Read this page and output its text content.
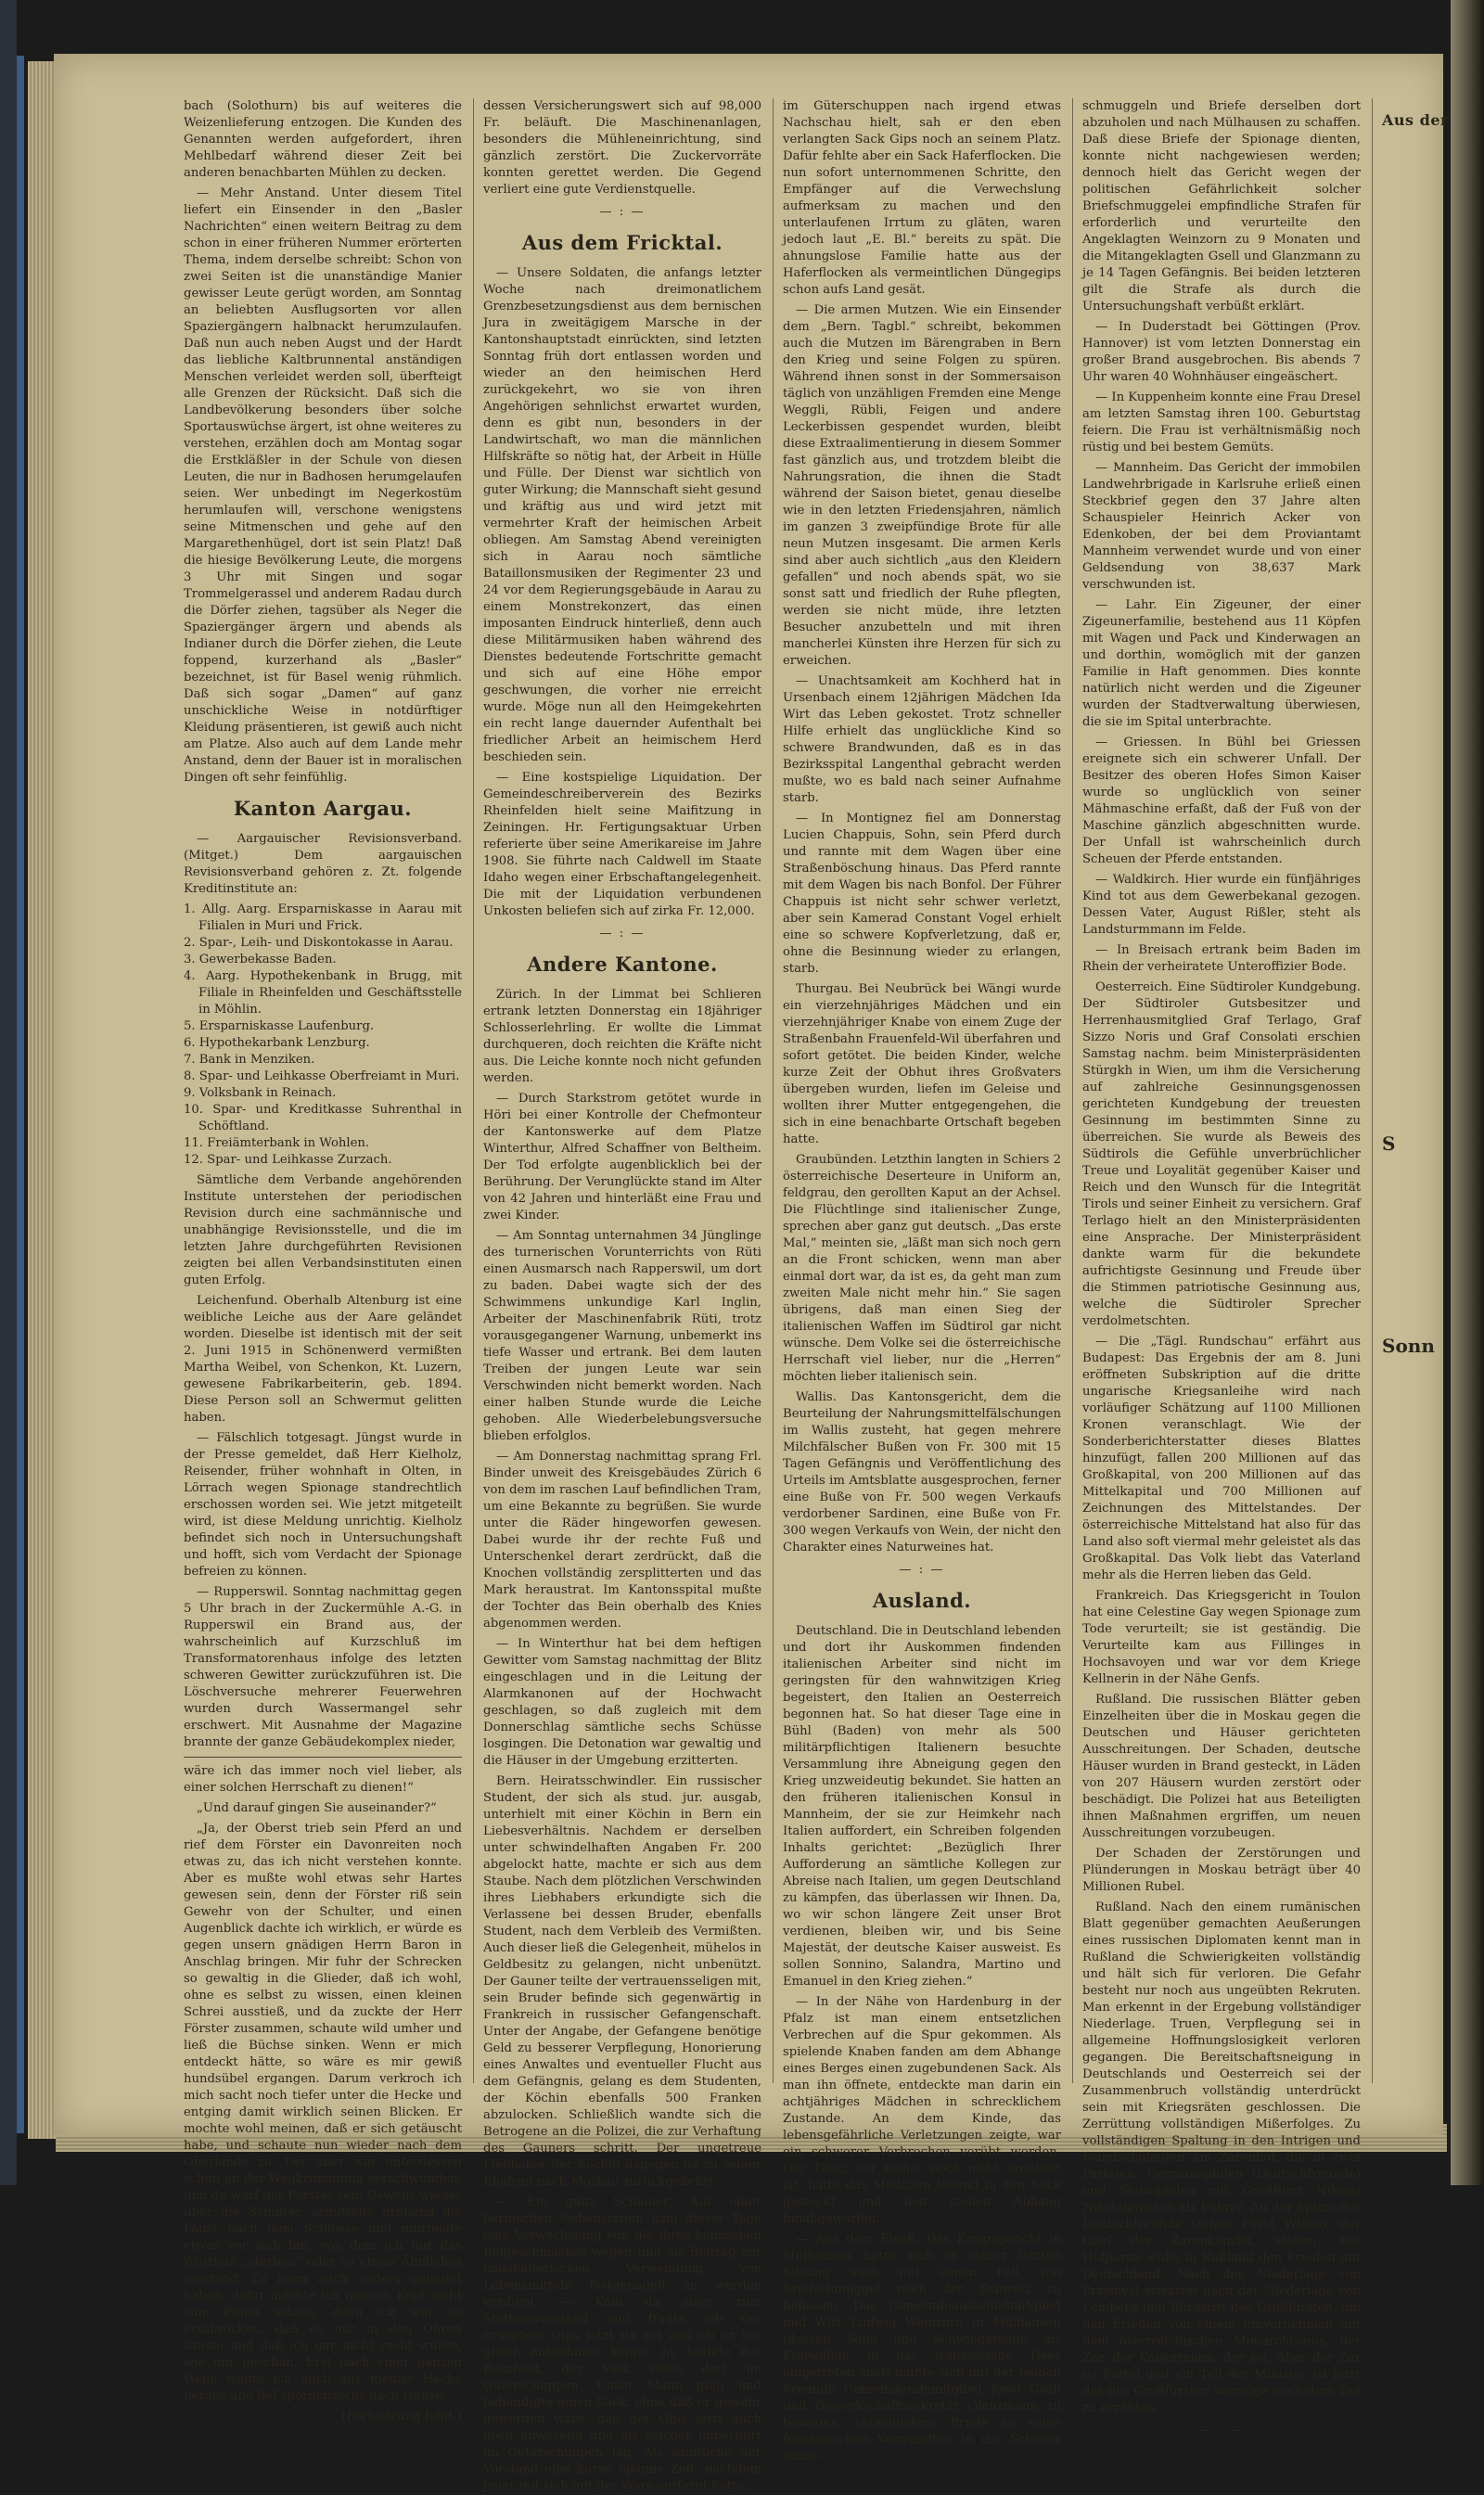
bach (Solothurn) bis auf weiteres die Weizenlieferung entzogen. Die Kunden des Genannten werden aufgefordert, ihren Mehlbedarf während dieser Zeit bei anderen benachbarten Mühlen zu decken.

— Mehr Anstand. Unter diesem Titel liefert ein Einsender in den „Basler Nachrichten“ einen weitern Beitrag zu dem schon in einer früheren Nummer erörterten Thema, indem derselbe schreibt: Schon von zwei Seiten ist die unanständige Manier gewisser Leute gerügt worden, am Sonntag an beliebten Ausflugsorten vor allen Spaziergängern halbnackt herumzulaufen. Daß nun auch neben Augst und der Hardt das liebliche Kaltbrunnental anständigen Menschen verleidet werden soll, überfteigt alle Grenzen der Rücksicht. Daß sich die Landbevölkerung besonders über solche Sportauswüchse ärgert, ist ohne weiteres zu verstehen, erzählen doch am Montag sogar die Erstkläßler in der Schule von diesen Leuten, die nur in Badhosen herumgelaufen seien. Wer unbedingt im Negerkostüm herumlaufen will, verschone wenigstens seine Mitmenschen und gehe auf den Margarethenhügel, dort ist sein Platz! Daß die hiesige Bevölkerung Leute, die morgens 3 Uhr mit Singen und sogar Trommelgerassel und anderem Radau durch die Dörfer ziehen, tagsüber als Neger die Spaziergänger ärgern und abends als Indianer durch die Dörfer ziehen, die Leute foppend, kurzerhand als „Basler“ bezeichnet, ist für Basel wenig rühmlich. Daß sich sogar „Damen“ auf ganz unschickliche Weise in notdürftiger Kleidung präsentieren, ist gewiß auch nicht am Platze. Also auch auf dem Lande mehr Anstand, denn der Bauer ist in moralischen Dingen oft sehr feinfühlig.

Kanton Aargau.

— Aargauischer Revisionsverband. (Mitget.) Dem aargauischen Revisionsverband gehören z. Zt. folgende Kreditinstitute an:

1. Allg. Aarg. Ersparniskasse in Aarau mit Filialen in Muri und Frick.
2. Spar-, Leih- und Diskontokasse in Aarau.
3. Gewerbekasse Baden.
4. Aarg. Hypothekenbank in Brugg, mit Filiale in Rheinfelden und Geschäftsstelle in Möhlin.
5. Ersparniskasse Laufenburg.
6. Hypothekarbank Lenzburg.
7. Bank in Menziken.
8. Spar- und Leihkasse Oberfreiamt in Muri.
9. Volksbank in Reinach.
10. Spar- und Kreditkasse Suhrenthal in Schöftland.
11. Freiämterbank in Wohlen.
12. Spar- und Leihkasse Zurzach.

Sämtliche dem Verbande angehörenden Institute unterstehen der periodischen Revision durch eine sachmännische und unabhängige Revisionsstelle, und die im letzten Jahre durchgeführten Revisionen zeigten bei allen Verbandsinstituten einen guten Erfolg.

Leichenfund. Oberhalb Altenburg ist eine weibliche Leiche aus der Aare geländet worden. Dieselbe ist identisch mit der seit 2. Juni 1915 in Schönenwerd vermißten Martha Weibel, von Schenkon, Kt. Luzern, gewesene Fabrikarbeiterin, geb. 1894. Diese Person soll an Schwermut gelitten haben.

— Fälschlich totgesagt. Jüngst wurde in der Presse gemeldet, daß Herr Kielholz, Reisender, früher wohnhaft in Olten, in Lörrach wegen Spionage standrechtlich erschossen worden sei. Wie jetzt mitgeteilt wird, ist diese Meldung unrichtig. Kielholz befindet sich noch in Untersuchungshaft und hofft, sich vom Verdacht der Spionage befreien zu können.

— Rupperswil. Sonntag nachmittag gegen 5 Uhr brach in der Zuckermühle A.-G. in Rupperswil ein Brand aus, der wahrscheinlich auf Kurzschluß im Transformatorenhaus infolge des letzten schweren Gewitter zurückzuführen ist. Die Löschversuche mehrerer Feuerwehren wurden durch Wassermangel sehr erschwert. Mit Ausnahme der Magazine brannte der ganze Gebäudekomplex nieder,

wäre ich das immer noch viel lieber, als einer solchen Herrschaft zu dienen!“

„Und darauf gingen Sie auseinander?“

„Ja, der Oberst trieb sein Pferd an und rief dem Förster ein Davonreiten noch etwas zu, das ich nicht verstehen konnte. Aber es mußte wohl etwas sehr Hartes gewesen sein, denn der Förster riß sein Gewehr von der Schulter, und einen Augenblick dachte ich wirklich, er würde es gegen unsern gnädigen Herrn Baron in Anschlag bringen. Mir fuhr der Schrecken so gewaltig in die Glieder, daß ich wohl, ohne es selbst zu wissen, einen kleinen Schrei ausstieß, und da zuckte der Herr Förster zusammen, schaute wild umher und ließ die Büchse sinken. Wenn er mich entdeckt hätte, so wäre es mir gewiß hundsübel ergangen. Darum verkroch ich mich sacht noch tiefer unter die Hecke und entging damit wirklich seinen Blicken. Er mochte wohl meinen, daß er sich getäuscht habe, und schaute nun wieder nach dem Oberlande zu. Der aber war unterdessen schon an der Wegkrümmung verschwunden, und da warf der Förster sein Gewehr wieder über die Schulter, schüttelte drohend die Faust nach dem Schlosse und murmelte etwas vor sich hin, von dem ich nur das Wörtlein „sterben“ oder so etwas Ähnliches verstand. Es kann auch anders gelautet haben, dafür möchte ich meinen Kopf nicht zum Pfand setzen, denn ich war so erschrocken, daß es mir in den Ohren sauste und daß ich gar nicht recht wußte, wie mir geschah. Erst nach einer ganzen Weile wagte ich mich aus meiner Hecke heraus und lief spornstreichs nach Hause.“

(Fortsetzung folgt.)

dessen Versicherungswert sich auf 98,000 Fr. beläuft. Die Maschinenanlagen, besonders die Mühleneinrichtung, sind gänzlich zerstört. Die Zuckervorräte konnten gerettet werden. Die Gegend verliert eine gute Verdienstquelle.

— : —
Aus dem Fricktal.

— Unsere Soldaten, die anfangs letzter Woche nach dreimonatlichem Grenzbesetzungsdienst aus dem bernischen Jura in zweitägigem Marsche in der Kantonshauptstadt einrückten, sind letzten Sonntag früh dort entlassen worden und wieder an den heimischen Herd zurückgekehrt, wo sie von ihren Angehörigen sehnlichst erwartet wurden, denn es gibt nun, besonders in der Landwirtschaft, wo man die männlichen Hilfskräfte so nötig hat, der Arbeit in Hülle und Fülle. Der Dienst war sichtlich von guter Wirkung; die Mannschaft sieht gesund und kräftig aus und wird jetzt mit vermehrter Kraft der heimischen Arbeit obliegen. Am Samstag Abend vereinigten sich in Aarau noch sämtliche Bataillonsmusiken der Regimenter 23 und 24 vor dem Regierungsgebäude in Aarau zu einem Monstrekonzert, das einen imposanten Eindruck hinterließ, denn auch diese Militärmusiken haben während des Dienstes bedeutende Fortschritte gemacht und sich auf eine Höhe empor geschwungen, die vorher nie erreicht wurde. Möge nun all den Heimgekehrten ein recht lange dauernder Aufenthalt bei friedlicher Arbeit an heimischem Herd beschieden sein.

— Eine kostspielige Liquidation. Der Gemeindeschreiberverein des Bezirks Rheinfelden hielt seine Maifitzung in Zeiningen. Hr. Fertigungsaktuar Urben referierte über seine Amerikareise im Jahre 1908. Sie führte nach Caldwell im Staate Idaho wegen einer Erbschaftangelegenheit. Die mit der Liquidation verbundenen Unkosten beliefen sich auf zirka Fr. 12,000.

— : —
Andere Kantone.

Zürich. In der Limmat bei Schlieren ertrank letzten Donnerstag ein 18jähriger Schlosserlehrling. Er wollte die Limmat durchqueren, doch reichten die Kräfte nicht aus. Die Leiche konnte noch nicht gefunden werden.

— Durch Starkstrom getötet wurde in Höri bei einer Kontrolle der Chefmonteur der Kantonswerke auf dem Platze Winterthur, Alfred Schaffner von Beltheim. Der Tod erfolgte augenblicklich bei der Berührung. Der Verunglückte stand im Alter von 42 Jahren und hinterläßt eine Frau und zwei Kinder.

— Am Sonntag unternahmen 34 Jünglinge des turnerischen Vorunterrichts von Rüti einen Ausmarsch nach Rapperswil, um dort zu baden. Dabei wagte sich der des Schwimmens unkundige Karl Inglin, Arbeiter der Maschinenfabrik Rüti, trotz vorausgegangener Warnung, unbemerkt ins tiefe Wasser und ertrank. Bei dem lauten Treiben der jungen Leute war sein Verschwinden nicht bemerkt worden. Nach einer halben Stunde wurde die Leiche gehoben. Alle Wiederbelebungsversuche blieben erfolglos.

— Am Donnerstag nachmittag sprang Frl. Binder unweit des Kreisgebäudes Zürich 6 von dem im raschen Lauf befindlichen Tram, um eine Bekannte zu begrüßen. Sie wurde unter die Räder hingeworfen gewesen. Dabei wurde ihr der rechte Fuß und Unterschenkel derart zerdrückt, daß die Knochen vollständig zersplitterten und das Mark heraustrat. Im Kantonsspital mußte der Tochter das Bein oberhalb des Knies abgenommen werden.

— In Winterthur hat bei dem heftigen Gewitter vom Samstag nachmittag der Blitz eingeschlagen und in die Leitung der Alarmkanonen auf der Hochwacht geschlagen, so daß zugleich mit dem Donnerschlag sämtliche sechs Schüsse losgingen. Die Detonation war gewaltig und die Häuser in der Umgebung erzitterten.

Bern. Heiratsschwindler. Ein russischer Student, der sich als stud. jur. ausgab, unterhielt mit einer Köchin in Bern ein Liebesverhältnis. Nachdem er derselben unter schwindelhaften Angaben Fr. 200 abgelockt hatte, machte er sich aus dem Staube. Nach dem plötzlichen Verschwinden ihres Liebhabers erkundigte sich die Verlassene bei dessen Bruder, ebenfalls Student, nach dem Verbleib des Vermißten. Auch dieser ließ die Gelegenheit, mühelos in Geldbesitz zu gelangen, nicht unbenützt. Der Gauner teilte der vertrauensseligen mit, sein Bruder befinde sich gegenwärtig in Frankreich in russischer Gefangenschaft. Unter der Angabe, der Gefangene benötige Geld zu besserer Verpflegung, Honorierung eines Anwaltes und eventueller Flucht aus dem Gefängnis, gelang es dem Studenten, der Köchin ebenfalls 500 Franken abzulocken. Schließlich wandte sich die Betrogene an die Polizei, die zur Verhaftung des Gauners schritt. Der ungetreue Liebhaber der Köchin dagegen ist zu seiner Ehefrau nach Moskau zurückgekehrt.

— Ein ganz Schlauer. Auf einer bernischen Nebenstation kam dieser Tage eine Verwechslung vor, die ihres komischen Beigeschmackes wegen und als Beitrag zur haushälterischen Verwendung von Lebensmitteln festgenagelt zu werden verdient. — Kam da einer zum Stationsvorstand und fragte, ob der erwartete Gips jetzt da sei und ob er ihn gleich mitnehmen könne. Ja, lautete der Bescheid, der Sack stehe dort im Güterschuppen. Unser Mann ging und behändigte einen Sack, ohne daß er gewahr geworden wäre, daß der Gips jetzt auch noch anwesend und als solcher unberührt im Güterschuppen lag. Als sämtliche der Vorstand eine kurze Spanne Zeit, nachdem jener mit sich mit der Ware entfernt hatte.

im Güterschuppen nach irgend etwas Nachschau hielt, sah er den eben verlangten Sack Gips noch an seinem Platz. Dafür fehlte aber ein Sack Haferflocken. Die nun sofort unternommenen Schritte, den Empfänger auf die Verwechslung aufmerksam zu machen und den unterlaufenen Irrtum zu gläten, waren jedoch laut „E. Bl.“ bereits zu spät. Die ahnungslose Familie hatte aus der Haferflocken als vermeintlichen Düngegips schon aufs Land gesät.

— Die armen Mutzen. Wie ein Einsender dem „Bern. Tagbl.“ schreibt, bekommen auch die Mutzen im Bärengraben in Bern den Krieg und seine Folgen zu spüren. Während ihnen sonst in der Sommersaison täglich von unzähligen Fremden eine Menge Weggli, Rübli, Feigen und andere Leckerbissen gespendet wurden, bleibt diese Extraalimentierung in diesem Sommer fast gänzlich aus, und trotzdem bleibt die Nahrungsration, die ihnen die Stadt während der Saison bietet, genau dieselbe wie in den letzten Friedensjahren, nämlich im ganzen 3 zweipfündige Brote für alle neun Mutzen insgesamt. Die armen Kerls sind aber auch sichtlich „aus den Kleidern gefallen“ und noch abends spät, wo sie sonst satt und friedlich der Ruhe pflegten, werden sie nicht müde, ihre letzten Besucher anzubetteln und mit ihren mancherlei Künsten ihre Herzen für sich zu erweichen.

— Unachtsamkeit am Kochherd hat in Ursenbach einem 12jährigen Mädchen Ida Wirt das Leben gekostet. Trotz schneller Hilfe erhielt das unglückliche Kind so schwere Brandwunden, daß es in das Bezirksspital Langenthal gebracht werden mußte, wo es bald nach seiner Aufnahme starb.

— In Montignez fiel am Donnerstag Lucien Chappuis, Sohn, sein Pferd durch und rannte mit dem Wagen über eine Straßenböschung hinaus. Das Pferd rannte mit dem Wagen bis nach Bonfol. Der Führer Chappuis ist nicht sehr schwer verletzt, aber sein Kamerad Constant Vogel erhielt eine so schwere Kopfverletzung, daß er, ohne die Besinnung wieder zu erlangen, starb.

Thurgau. Bei Neubrück bei Wängi wurde ein vierzehnjähriges Mädchen und ein vierzehnjähriger Knabe von einem Zuge der Straßenbahn Frauenfeld-Wil überfahren und sofort getötet. Die beiden Kinder, welche kurze Zeit der Obhut ihres Großvaters übergeben wurden, liefen im Geleise und wollten ihrer Mutter entgegengehen, die sich in eine benachbarte Ortschaft begeben hatte.

Graubünden. Letzthin langten in Schiers 2 österreichische Deserteure in Uniform an, feldgrau, den gerollten Kaput an der Achsel. Die Flüchtlinge sind italienischer Zunge, sprechen aber ganz gut deutsch. „Das erste Mal,“ meinten sie, „läßt man sich noch gern an die Front schicken, wenn man aber einmal dort war, da ist es, da geht man zum zweiten Male nicht mehr hin.“ Sie sagen übrigens, daß man einen Sieg der italienischen Waffen im Südtirol gar nicht wünsche. Dem Volke sei die österreichische Herrschaft viel lieber, nur die „Herren“ möchten lieber italienisch sein.

Wallis. Das Kantonsgericht, dem die Beurteilung der Nahrungsmittelfälschungen im Wallis zusteht, hat gegen mehrere Milchfälscher Bußen von Fr. 300 mit 15 Tagen Gefängnis und Veröffentlichung des Urteils im Amtsblatte ausgesprochen, ferner eine Buße von Fr. 500 wegen Verkaufs verdorbener Sardinen, eine Buße von Fr. 300 wegen Verkaufs von Wein, der nicht den Charakter eines Naturweines hat.

— : —
Ausland.

Deutschland. Die in Deutschland lebenden und dort ihr Auskommen findenden italienischen Arbeiter sind nicht im geringsten für den wahnwitzigen Krieg begeistert, den Italien an Oesterreich begonnen hat. So hat dieser Tage eine in Bühl (Baden) von mehr als 500 militärpflichtigen Italienern besuchte Versammlung ihre Abneigung gegen den Krieg unzweideutig bekundet. Sie hatten an den früheren italienischen Konsul in Mannheim, der sie zur Heimkehr nach Italien auffordert, ein Schreiben folgenden Inhalts gerichtet: „Bezüglich Ihrer Aufforderung an sämtliche Kollegen zur Abreise nach Italien, um gegen Deutschland zu kämpfen, das überlassen wir Ihnen. Da, wo wir schon längere Zeit unser Brot verdienen, bleiben wir, und bis Seine Majestät, der deutsche Kaiser ausweist. Es sollen Sonnino, Salandra, Martino und Emanuel in den Krieg ziehen.“

— In der Nähe von Hardenburg in der Pfalz ist man einem entsetzlichen Verbrechen auf die Spur gekommen. Als spielende Knaben fanden am dem Abhange eines Berges einen zugebundenen Sack. Als man ihn öffnete, entdeckte man darin ein achtjähriges Mädchen in schrecklichem Zustande. An dem Kinde, das lebensgefährliche Verletzungen zeigte, war ein schwerer Verbrechen verübt worden. Der Täter, der bisher noch nicht ermittelt ist, hatte das Mädchen lebend in den Sack gesteckt und den steilen Abhang hinabgeworfen.

— Aus dem Elsaß. Das Kriegsgericht in Mülhausen hatte sich in seiner letzten Sitzung auch mit einem Fall von Briefschmuggel nach der Schweiz zu befassen. Das Gemeindeausschußmitglied und Wirt Ludwig Weinzorn in Mülhausen (dessen Sohn und Schwiegersohn als Freiwillige in das französische Heer eingetreten sind) mußte sich mit der beiden Freunde Gemeinderatsmitglied Josef Gsell und Gewerkschaftssekretär Glanzmann zu bewegen, verschiedene Briefe an seine französischen Verwandten in die Schweiz einzu-

schmuggeln und Briefe derselben dort abzuholen und nach Mülhausen zu schaffen. Daß diese Briefe der Spionage dienten, konnte nicht nachgewiesen werden; dennoch hielt das Gericht wegen der politischen Gefährlichkeit solcher Briefschmuggelei empfindliche Strafen für erforderlich und verurteilte den Angeklagten Weinzorn zu 9 Monaten und die Mitangeklagten Gsell und Glanzmann zu je 14 Tagen Gefängnis. Bei beiden letzteren gilt die Strafe als durch die Untersuchungshaft verbüßt erklärt.

— In Duderstadt bei Göttingen (Prov. Hannover) ist vom letzten Donnerstag ein großer Brand ausgebrochen. Bis abends 7 Uhr waren 40 Wohnhäuser eingeäschert.

— In Kuppenheim konnte eine Frau Dresel am letzten Samstag ihren 100. Geburtstag feiern. Die Frau ist verhältnismäßig noch rüstig und bei bestem Gemüts.

— Mannheim. Das Gericht der immobilen Landwehrbrigade in Karlsruhe erließ einen Steckbrief gegen den 37 Jahre alten Schauspieler Heinrich Acker von Edenkoben, der bei dem Proviantamt Mannheim verwendet wurde und von einer Geldsendung von 38,637 Mark verschwunden ist.

— Lahr. Ein Zigeuner, der einer Zigeunerfamilie, bestehend aus 11 Köpfen mit Wagen und Pack und Kinderwagen an und dorthin, womöglich mit der ganzen Familie in Haft genommen. Dies konnte natürlich nicht werden und die Zigeuner wurden der Stadtverwaltung überwiesen, die sie im Spital unterbrachte.

— Griessen. In Bühl bei Griessen ereignete sich ein schwerer Unfall. Der Besitzer des oberen Hofes Simon Kaiser wurde so unglücklich von seiner Mähmaschine erfaßt, daß der Fuß von der Maschine gänzlich abgeschnitten wurde. Der Unfall ist wahrscheinlich durch Scheuen der Pferde entstanden.

— Waldkirch. Hier wurde ein fünfjähriges Kind tot aus dem Gewerbekanal gezogen. Dessen Vater, August Rißler, steht als Landsturmmann im Felde.

— In Breisach ertrank beim Baden im Rhein der verheiratete Unteroffizier Bode.

Oesterreich. Eine Südtiroler Kundgebung. Der Südtiroler Gutsbesitzer und Herrenhausmitglied Graf Terlago, Graf Sizzo Noris und Graf Consolati erschien Samstag nachm. beim Ministerpräsidenten Stürgkh in Wien, um ihm die Versicherung auf zahlreiche Gesinnungsgenossen gerichteten Kundgebung der treuesten Gesinnung im bestimmten Sinne zu überreichen. Sie wurde als Beweis des Südtirols die Gefühle unverbrüchlicher Treue und Loyalität gegenüber Kaiser und Reich und den Wunsch für die Integrität Tirols und seiner Einheit zu versichern. Graf Terlago hielt an den Ministerpräsidenten eine Ansprache. Der Ministerpräsident dankte warm für die bekundete aufrichtigste Gesinnung und Freude über die Stimmen patriotische Gesinnung aus, welche die Südtiroler Sprecher verdolmetschten.

— Die „Tägl. Rundschau“ erfährt aus Budapest: Das Ergebnis der am 8. Juni eröffneten Subskription auf die dritte ungarische Kriegsanleihe wird nach vorläufiger Schätzung auf 1100 Millionen Kronen veranschlagt. Wie der Sonderberichterstatter dieses Blattes hinzufügt, fallen 200 Millionen auf das Großkapital, von 200 Millionen auf das Mittelkapital und 700 Millionen auf Zeichnungen des Mittelstandes. Der österreichische Mittelstand hat also für das Land also soft viermal mehr geleistet als das Großkapital. Das Volk liebt das Vaterland mehr als die Herren lieben das Geld.

Frankreich. Das Kriegsgericht in Toulon hat eine Celestine Gay wegen Spionage zum Tode verurteilt; sie ist geständig. Die Verurteilte kam aus Fillinges in Hochsavoyen und war vor dem Kriege Kellnerin in der Nähe Genfs.

Rußland. Die russischen Blätter geben Einzelheiten über die in Moskau gegen die Deutschen und Häuser gerichteten Ausschreitungen. Der Schaden, deutsche Häuser wurden in Brand gesteckt, in Läden von 207 Häusern wurden zerstört oder beschädigt. Die Polizei hat aus Beteiligten ihnen Maßnahmen ergriffen, um neuen Ausschreitungen vorzubeugen.

Der Schaden der Zerstörungen und Plünderungen in Moskau beträgt über 40 Millionen Rubel.

Rußland. Nach den einem rumänischen Blatt gegenüber gemachten Aeußerungen eines russischen Diplomaten kennt man in Rußland die Schwierigkeiten vollständig und hält sich für verloren. Die Gefahr besteht nur noch aus ungeübten Rekruten. Man erkennt in der Ergebung vollständiger Niederlage. Truen, Verpflegung sei in allgemeine Hoffnungslosigkeit verloren gegangen. Die Bereitschaftsneigung in Deutschlands und Oesterreich sei der Zusammenbruch vollständig unterdrückt sein mit Kriegsräten geschlossen. Die Zerrüttung vollständigen Mißerfolges. Zu vollständigen Spaltung in den Intrigen und Feindseligkeiten am Zarenhof, die in zwei Parteien: Germanophilen (Deutschfreunde) und Slawophilen mit Großfürst Nikolai Nikolajewitsch als Führer. An der Spitze der Deutschfreunde stehen Fürst Wtewo, der Chef der Zarenkanzlei, stehen. Die Hofpartei wolle in Rußland den Frieden mit Deutschland. Nach der Niederlage von Przemysl erwartet nach der Niederlage von Lemberg den Rücktritt des Großfürsten, um den Frieden von einem Einvernehmen mit dem österreichischen Monarchismus, der Zar, der Kaiserinnen, der sei. Aber der Zar ist Partei und ein Teil der Minister ist jetzt das des Großfürsten vermöge noch dem Tod zu erzählen.

— : —
Aus der
S
Sonn
